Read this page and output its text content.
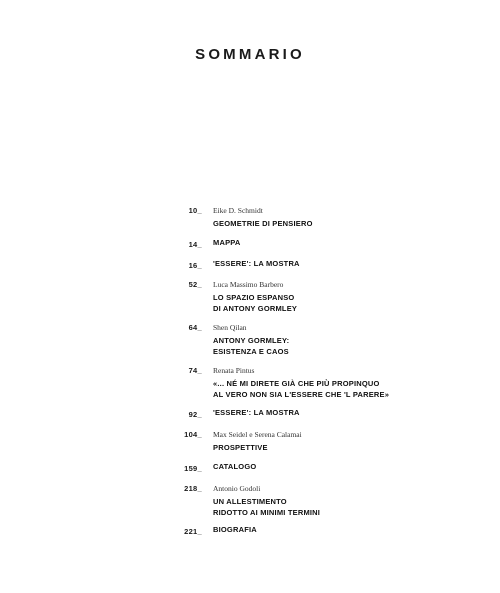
SOMMARIO
10_ Eike D. Schmidt
GEOMETRIE DI PENSIERO
14_ MAPPA
16_ 'ESSERE': LA MOSTRA
52_ Luca Massimo Barbero
LO SPAZIO ESPANSO
DI ANTONY GORMLEY
64_ Shen Qilan
ANTONY GORMLEY:
ESISTENZA E CAOS
74_ Renata Pintus
«... NÉ MI DIRETE GIÀ CHE PIÙ PROPINQUO
AL VERO NON SIA L'ESSERE CHE 'L PARERE»
92_ 'ESSERE': LA MOSTRA
104_ Max Seidel e Serena Calamai
PROSPETTIVE
159_ CATALOGO
218_ Antonio Godoli
UN ALLESTIMENTO
RIDOTTO AI MINIMI TERMINI
221_ BIOGRAFIA
